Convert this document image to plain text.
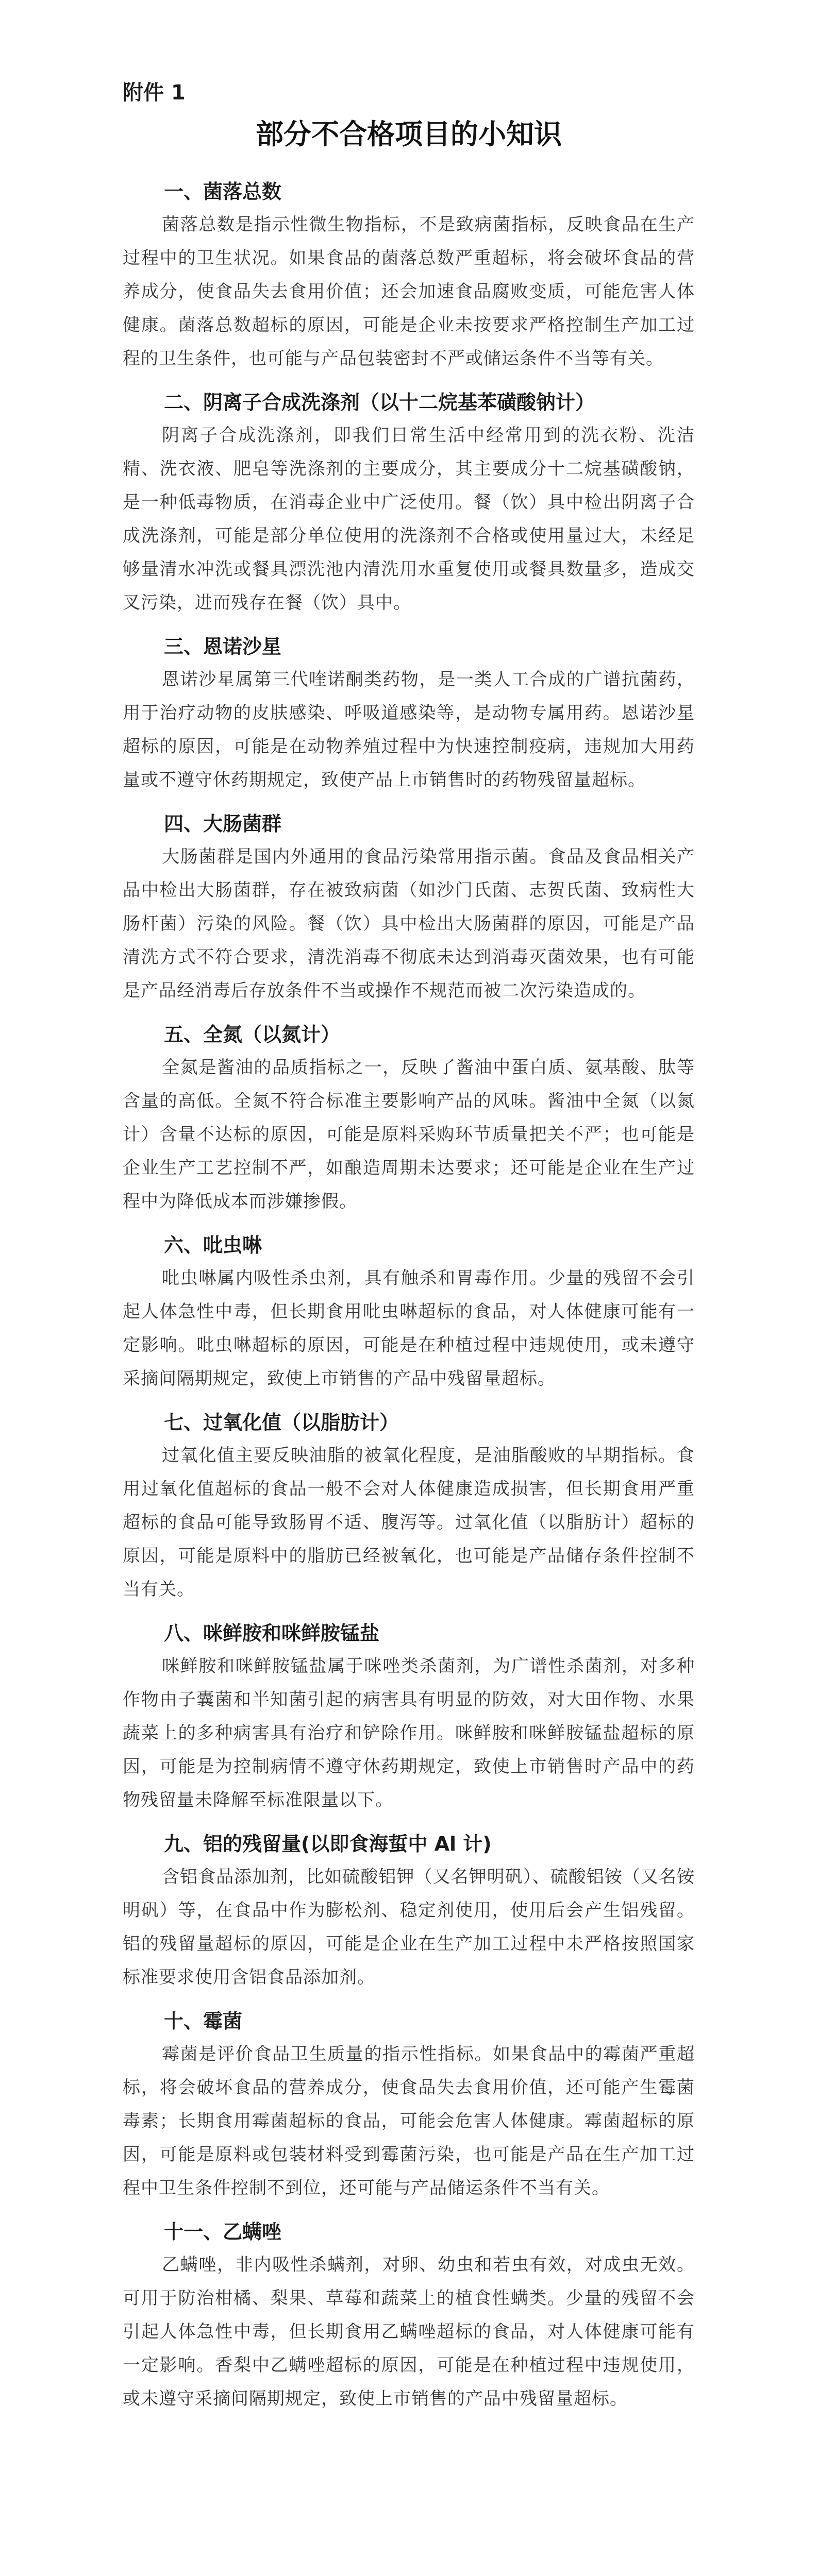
附件 1
部分不合格项目的小知识
一、菌落总数

菌落总数是指示性微生物指标，不是致病菌指标，反映食品在生产过程中的卫生状况。如果食品的菌落总数严重超标，将会破坏食品的营养成分，使食品失去食用价值；还会加速食品腐败变质，可能危害人体健康。菌落总数超标的原因，可能是企业未按要求严格控制生产加工过程的卫生条件，也可能与产品包装密封不严或储运条件不当等有关。

二、阴离子合成洗涤剂（以十二烷基苯磺酸钠计）

阴离子合成洗涤剂，即我们日常生活中经常用到的洗衣粉、洗洁精、洗衣液、肥皂等洗涤剂的主要成分，其主要成分十二烷基磺酸钠，是一种低毒物质，在消毒企业中广泛使用。餐（饮）具中检出阴离子合成洗涤剂，可能是部分单位使用的洗涤剂不合格或使用量过大，未经足够量清水冲洗或餐具漂洗池内清洗用水重复使用或餐具数量多，造成交叉污染，进而残存在餐（饮）具中。

三、恩诺沙星

恩诺沙星属第三代喹诺酮类药物，是一类人工合成的广谱抗菌药，用于治疗动物的皮肤感染、呼吸道感染等，是动物专属用药。恩诺沙星超标的原因，可能是在动物养殖过程中为快速控制疫病，违规加大用药量或不遵守休药期规定，致使产品上市销售时的药物残留量超标。

四、大肠菌群

大肠菌群是国内外通用的食品污染常用指示菌。食品及食品相关产品中检出大肠菌群，存在被致病菌（如沙门氏菌、志贺氏菌、致病性大肠杆菌）污染的风险。餐（饮）具中检出大肠菌群的原因，可能是产品清洗方式不符合要求，清洗消毒不彻底未达到消毒灭菌效果，也有可能是产品经消毒后存放条件不当或操作不规范而被二次污染造成的。

五、全氮（以氮计）

全氮是酱油的品质指标之一，反映了酱油中蛋白质、氨基酸、肽等含量的高低。全氮不符合标准主要影响产品的风味。酱油中全氮（以氮计）含量不达标的原因，可能是原料采购环节质量把关不严；也可能是企业生产工艺控制不严，如酿造周期未达要求；还可能是企业在生产过程中为降低成本而涉嫌掺假。

六、吡虫啉

吡虫啉属内吸性杀虫剂，具有触杀和胃毒作用。少量的残留不会引起人体急性中毒，但长期食用吡虫啉超标的食品，对人体健康可能有一定影响。吡虫啉超标的原因，可能是在种植过程中违规使用，或未遵守采摘间隔期规定，致使上市销售的产品中残留量超标。

七、过氧化值（以脂肪计）

过氧化值主要反映油脂的被氧化程度，是油脂酸败的早期指标。食用过氧化值超标的食品一般不会对人体健康造成损害，但长期食用严重超标的食品可能导致肠胃不适、腹泻等。过氧化值（以脂肪计）超标的原因，可能是原料中的脂肪已经被氧化，也可能是产品储存条件控制不当有关。

八、咪鲜胺和咪鲜胺锰盐

咪鲜胺和咪鲜胺锰盐属于咪唑类杀菌剂，为广谱性杀菌剂，对多种作物由子囊菌和半知菌引起的病害具有明显的防效，对大田作物、水果蔬菜上的多种病害具有治疗和铲除作用。咪鲜胺和咪鲜胺锰盐超标的原因，可能是为控制病情不遵守休药期规定，致使上市销售时产品中的药物残留量未降解至标准限量以下。

九、铝的残留量(以即食海蜇中 Al 计)

含铝食品添加剂，比如硫酸铝钾（又名钾明矾）、硫酸铝铵（又名铵明矾）等，在食品中作为膨松剂、稳定剂使用，使用后会产生铝残留。铝的残留量超标的原因，可能是企业在生产加工过程中未严格按照国家标准要求使用含铝食品添加剂。

十、霉菌

霉菌是评价食品卫生质量的指示性指标。如果食品中的霉菌严重超标，将会破坏食品的营养成分，使食品失去食用价值，还可能产生霉菌毒素；长期食用霉菌超标的食品，可能会危害人体健康。霉菌超标的原因，可能是原料或包装材料受到霉菌污染，也可能是产品在生产加工过程中卫生条件控制不到位，还可能与产品储运条件不当有关。

十一、乙螨唑

乙螨唑，非内吸性杀螨剂，对卵、幼虫和若虫有效，对成虫无效。可用于防治柑橘、梨果、草莓和蔬菜上的植食性螨类。少量的残留不会引起人体急性中毒，但长期食用乙螨唑超标的食品，对人体健康可能有一定影响。香梨中乙螨唑超标的原因，可能是在种植过程中违规使用，或未遵守采摘间隔期规定，致使上市销售的产品中残留量超标。
